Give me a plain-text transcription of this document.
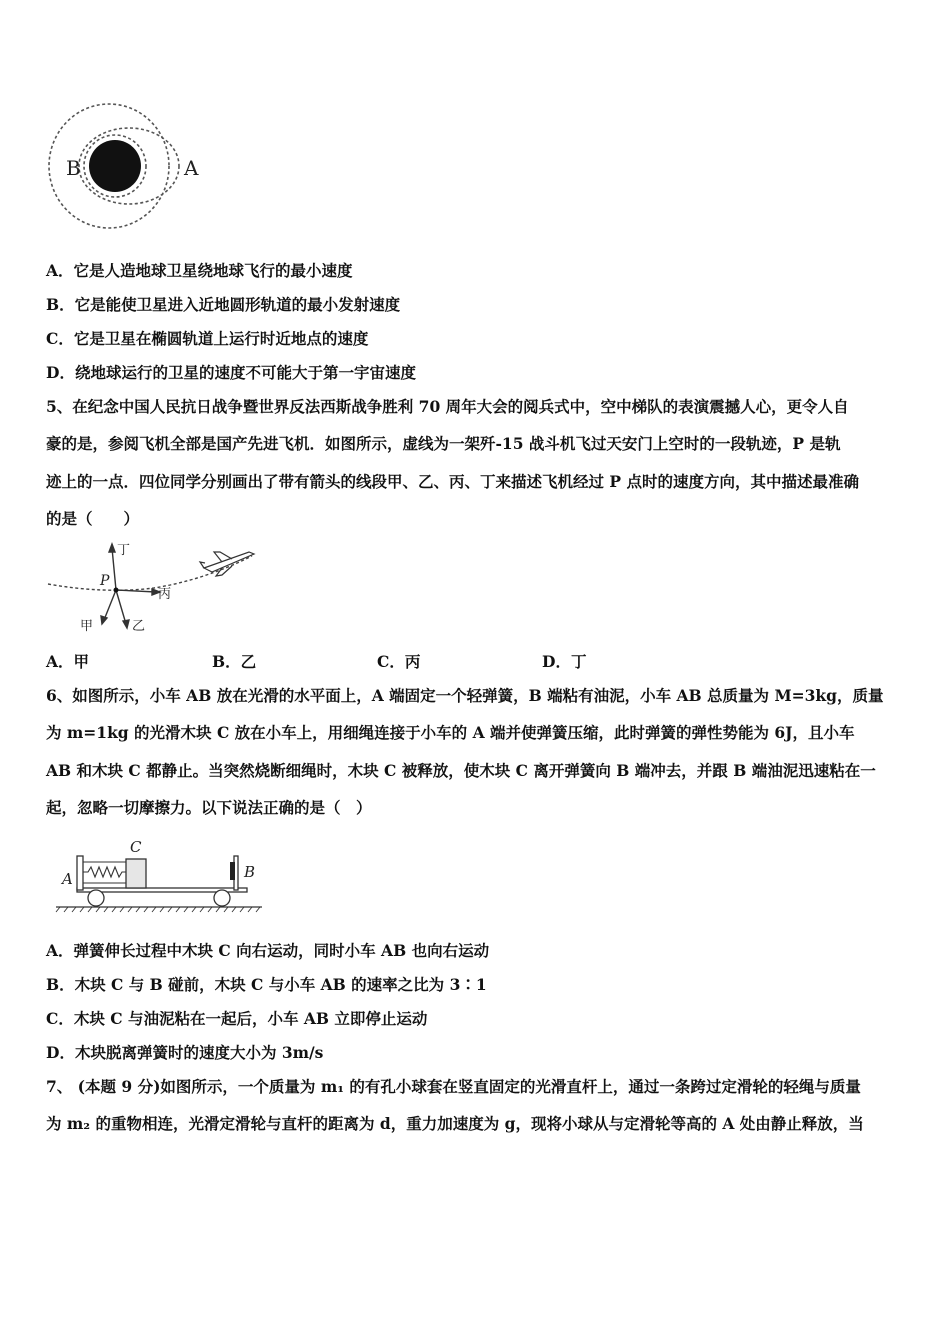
B	A
A．它是人造地球卫星绕地球飞行的最小速度
B．它是能使卫星进入近地圆形轨道的最小发射速度
C．它是卫星在椭圆轨道上运行时近地点的速度
D．绕地球运行的卫星的速度不可能大于第一宇宙速度
5、在纪念中国人民抗日战争暨世界反法西斯战争胜利 70 周年大会的阅兵式中，空中梯队的表演震撼人心，更令人自
豪的是，参阅飞机全部是国产先进飞机．如图所示，虚线为一架歼-15 战斗机飞过天安门上空时的一段轨迹，P 是轨
迹上的一点．四位同学分别画出了带有箭头的线段甲、乙、丙、丁来描述飞机经过 P 点时的速度方向，其中描述最准确
的是（　　）
P
丁
丙
甲	乙
A．甲	B．乙	C．丙	D．丁
6、如图所示，小车 AB 放在光滑的水平面上，A 端固定一个轻弹簧，B 端粘有油泥，小车 AB 总质量为 M=3kg，质量
为 m=1kg 的光滑木块 C 放在小车上，用细绳连接于小车的 A 端并使弹簧压缩，此时弹簧的弹性势能为 6J，且小车
AB 和木块 C 都静止。当突然烧断细绳时，木块 C 被释放，使木块 C 离开弹簧向 B 端冲去，并跟 B 端油泥迅速粘在一
起，忽略一切摩擦力。以下说法正确的是（　）
A
C
B
A．弹簧伸长过程中木块 C 向右运动，同时小车 AB 也向右运动
B．木块 C 与 B 碰前，木块 C 与小车 AB 的速率之比为 3∶1
C．木块 C 与油泥粘在一起后，小车 AB 立即停止运动
D．木块脱离弹簧时的速度大小为 3m/s
7、 (本题 9 分)如图所示，一个质量为 m₁ 的有孔小球套在竖直固定的光滑直杆上，通过一条跨过定滑轮的轻绳与质量
为 m₂ 的重物相连，光滑定滑轮与直杆的距离为 d，重力加速度为 g，现将小球从与定滑轮等高的 A 处由静止释放，当
